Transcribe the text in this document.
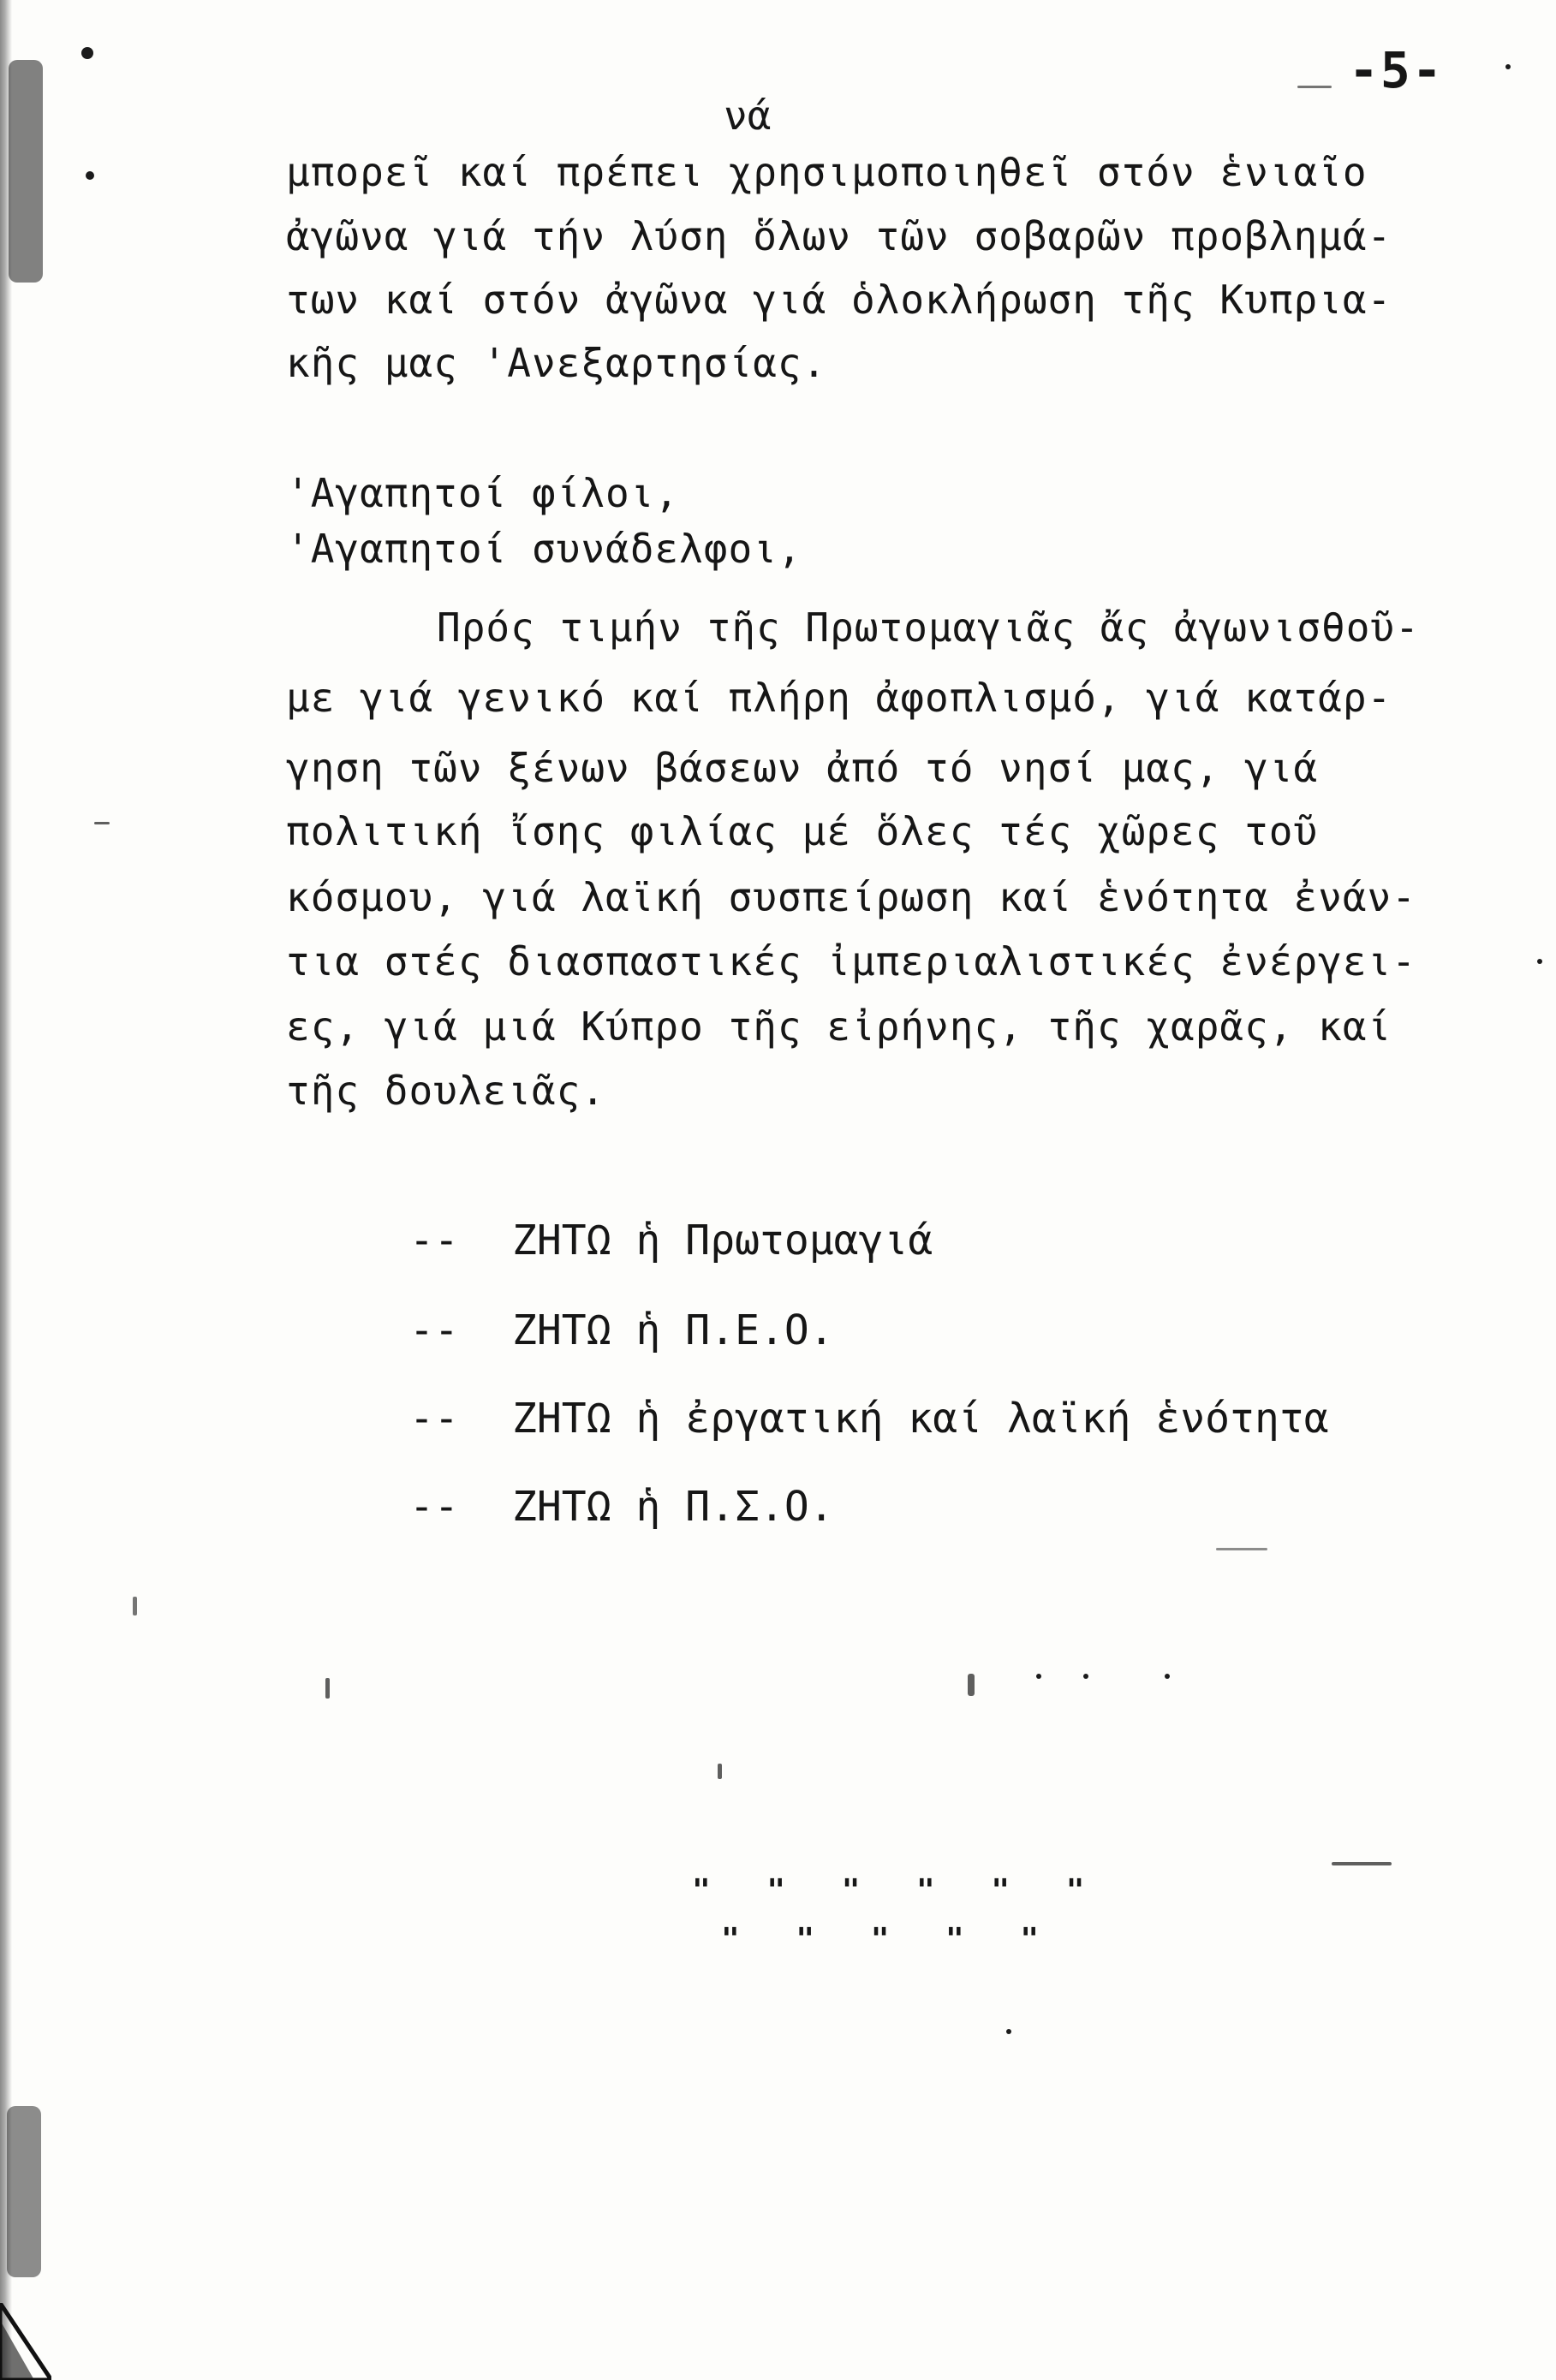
-5-
νά
μπορεῖ καί πρέπει χρησιμοποιηθεῖ στόν ἑνιαῖο
ἀγῶνα γιά τήν λύση ὅλων τῶν σοβαρῶν προβλημά-
των καί στόν ἀγῶνα γιά ὁλοκλήρωση τῆς Κυπρια-
κῆς μας 'Ανεξαρτησίας.
'Αγαπητοί φίλοι,
'Αγαπητοί συνάδελφοι,
Πρός τιμήν τῆς Πρωτομαγιᾶς ἄς ἀγωνισθοῦ-
με γιά γενικό καί πλήρη ἀφοπλισμό, γιά κατάρ-
γηση τῶν ξένων βάσεων ἀπό τό νησί μας, γιά
πολιτική ἴσης φιλίας μέ ὅλες τές χῶρες τοῦ
κόσμου, γιά λαϊκή συσπείρωση καί ἑνότητα ἐνάν-
τια στές διασπαστικές ἰμπεριαλιστικές ἐνέργει-
ες, γιά μιά Κύπρο τῆς εἰρήνης, τῆς χαρᾶς, καί
τῆς δουλειᾶς.
-- ΖΗΤΩ ἡ Πρωτομαγιά
-- ΖΗΤΩ ἡ Π.Ε.Ο.
-- ΖΗΤΩ ἡ ἐργατική καί λαϊκή ἑνότητα
-- ΖΗΤΩ ἡ Π.Σ.Ο.
" " " " " "
" " " " "
